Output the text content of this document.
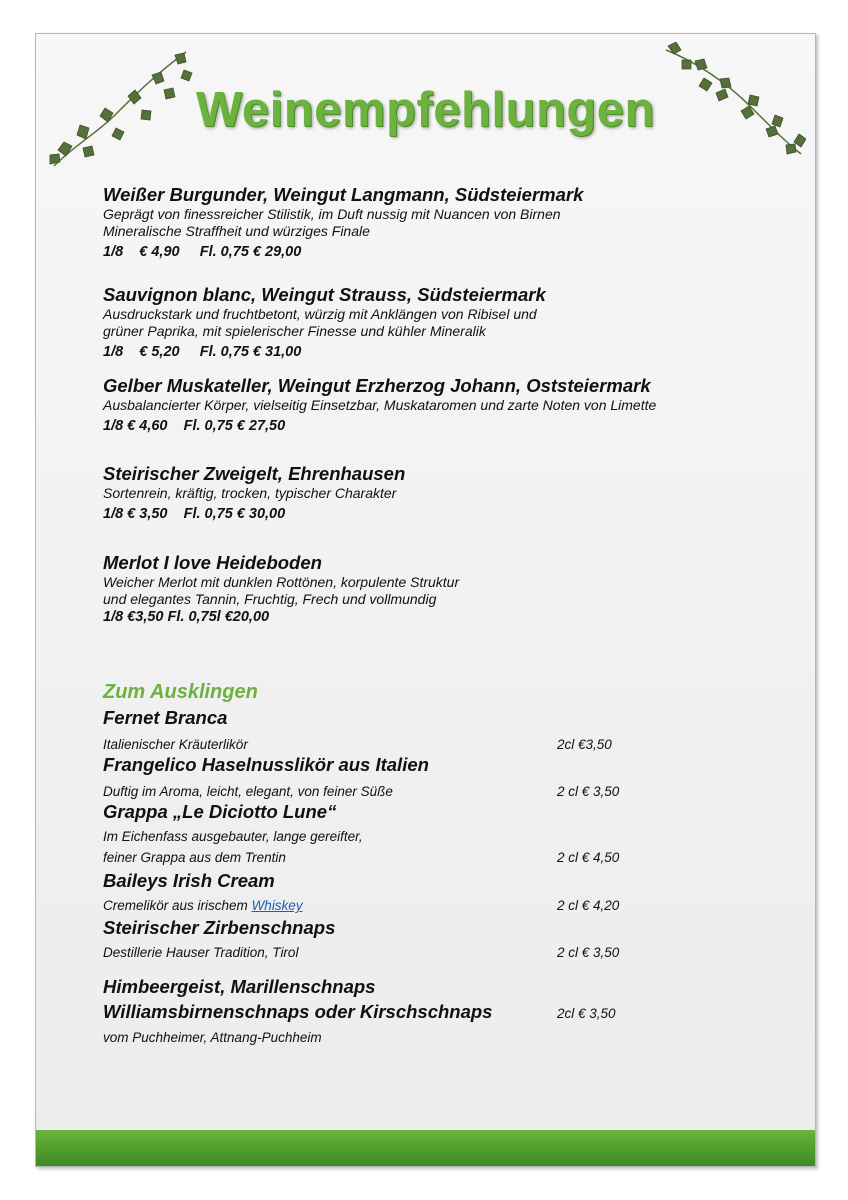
Weinempfehlungen
Weißer Burgunder, Weingut Langmann, Südsteiermark
Geprägt von finessreicher Stilistik, im Duft nussig mit Nuancen von Birnen
Mineralische Straffheit und würziges Finale
1/8    € 4,90     Fl. 0,75 € 29,00
Sauvignon blanc, Weingut Strauss, Südsteiermark
Ausdruckstark und fruchtbetont, würzig mit Anklängen von Ribisel und
grüner Paprika, mit spielerischer Finesse und kühler Mineralik
1/8    € 5,20     Fl. 0,75 € 31,00
Gelber Muskateller, Weingut Erzherzog Johann, Oststeiermark
Ausbalancierter Körper, vielseitig Einsetzbar, Muskataromen und zarte Noten von Limette
1/8 € 4,60    Fl. 0,75 € 27,50
Steirischer Zweigelt, Ehrenhausen
Sortenrein, kräftig, trocken, typischer Charakter
1/8 € 3,50    Fl. 0,75 € 30,00
Merlot I love Heideboden
Weicher Merlot mit dunklen Rottönen, korpulente Struktur
und elegantes Tannin, Fruchtig, Frech und vollmundig
1/8 €3,50 Fl. 0,75l €20,00
Zum Ausklingen
Fernet Branca
Italienischer Kräuterlikör	2cl €3,50
Frangelico Haselnusslikör aus Italien
Duftig im Aroma, leicht, elegant, von feiner Süße	2 cl € 3,50
Grappa „Le Diciotto Lune“
Im Eichenfass ausgebauter, lange gereifter,
feiner Grappa aus dem Trentin	2 cl € 4,50
Baileys Irish Cream
Cremelikör aus irischem Whiskey	2 cl € 4,20
Steirischer Zirbenschnaps
Destillerie Hauser Tradition, Tirol	2 cl € 3,50
Himbeergeist, Marillenschnaps
Williamsbirnenschnaps oder Kirschschnaps	2cl € 3,50
vom Puchheimer, Attnang-Puchheim
